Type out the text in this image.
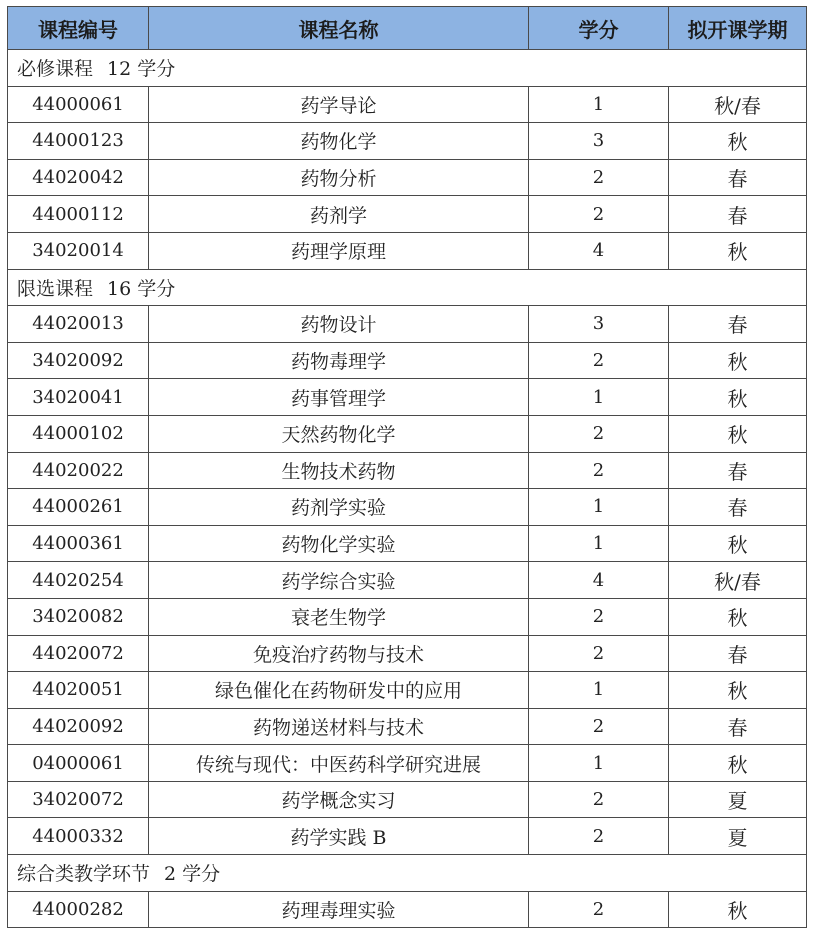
课程编号	课程名称	学分	拟开课学期
必修课程 12 学分			
44000061	药学导论	1	秋/春
44000123	药物化学	3	秋
44020042	药物分析	2	春
44000112	药剂学	2	春
34020014	药理学原理	4	秋
限选课程 16 学分			
44020013	药物设计	3	春
34020092	药物毒理学	2	秋
34020041	药事管理学	1	秋
44000102	天然药物化学	2	秋
44020022	生物技术药物	2	春
44000261	药剂学实验	1	春
44000361	药物化学实验	1	秋
44020254	药学综合实验	4	秋/春
34020082	衰老生物学	2	秋
44020072	免疫治疗药物与技术	2	春
44020051	绿色催化在药物研发中的应用	1	秋
44020092	药物递送材料与技术	2	春
04000061	传统与现代：中医药科学研究进展	1	秋
34020072	药学概念实习	2	夏
44000332	药学实践 B	2	夏
综合类教学环节 2 学分			
44000282	药理毒理实验	2	秋
